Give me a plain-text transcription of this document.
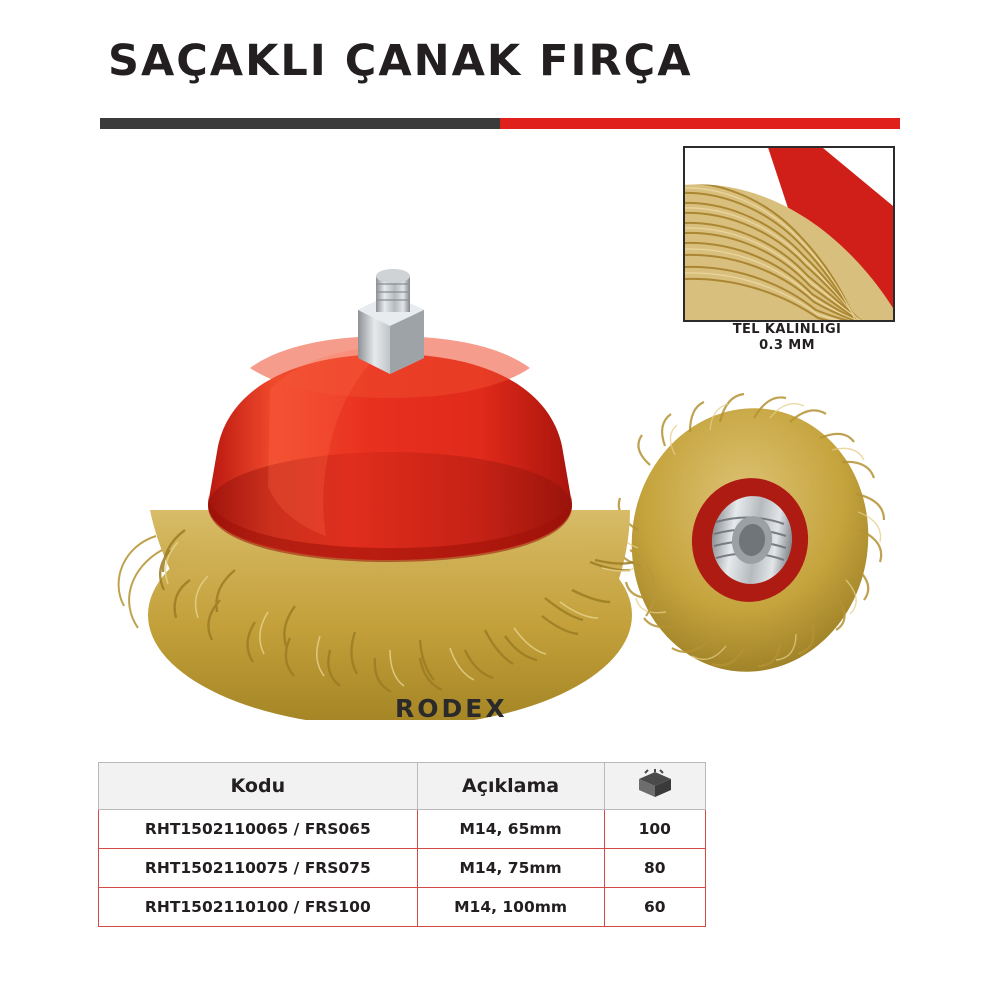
SAÇAKLI ÇANAK FIRÇA
TEL KALINLIĞI
0.3 MM
RODEX
Kodu	Açıklama	
RHT1502110065 / FRS065	M14, 65mm	100
RHT1502110075 / FRS075	M14, 75mm	80
RHT1502110100 / FRS100	M14, 100mm	60
